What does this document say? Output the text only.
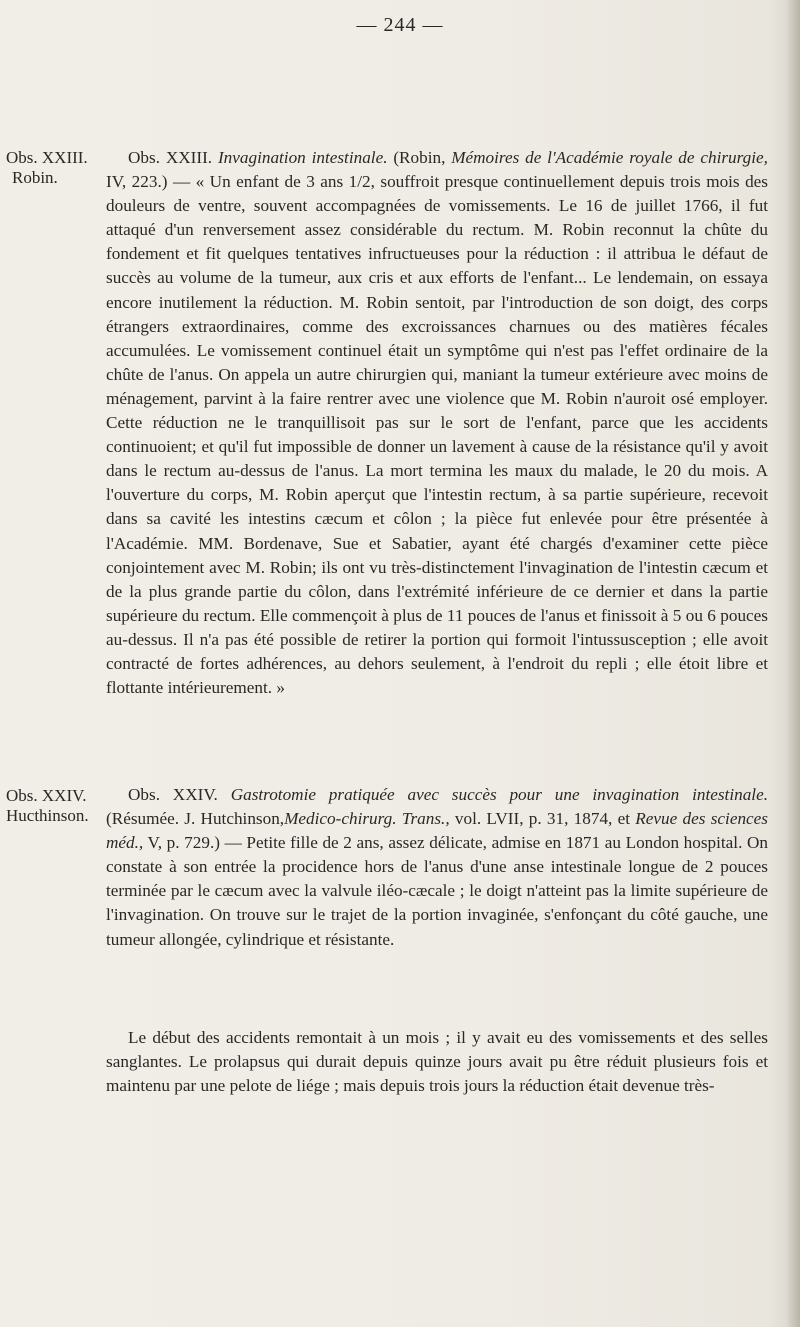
— 244 —
Obs. XXIII.
Robin.

Obs. XXIII. Invagination intestinale. (Robin, Mémoires de l'Académie royale de chirurgie, IV, 223.) — « Un enfant de 3 ans 1/2, souffroit presque continuellement depuis trois mois des douleurs de ventre, souvent accompagnées de vomissements. Le 16 de juillet 1766, il fut attaqué d'un renversement assez considérable du rectum. M. Robin reconnut la chûte du fondement et fit quelques tentatives infructueuses pour la réduction : il attribua le défaut de succès au volume de la tumeur, aux cris et aux efforts de l'enfant... Le lendemain, on essaya encore inutilement la réduction. M. Robin sentoit, par l'introduction de son doigt, des corps étrangers extraordinaires, comme des excroissances charnues ou des matières fécales accumulées. Le vomissement continuel était un symptôme qui n'est pas l'effet ordinaire de la chûte de l'anus. On appela un autre chirurgien qui, maniant la tumeur extérieure avec moins de ménagement, parvint à la faire rentrer avec une violence que M. Robin n'auroit osé employer. Cette réduction ne le tranquillisoit pas sur le sort de l'enfant, parce que les accidents continuoient; et qu'il fut impossible de donner un lavement à cause de la résistance qu'il y avoit dans le rectum au-dessus de l'anus. La mort termina les maux du malade, le 20 du mois. A l'ouverture du corps, M. Robin aperçut que l'intestin rectum, à sa partie supérieure, recevoit dans sa cavité les intestins cæcum et côlon ; la pièce fut enlevée pour être présentée à l'Académie. MM. Bordenave, Sue et Sabatier, ayant été chargés d'examiner cette pièce conjointement avec M. Robin; ils ont vu très-distinctement l'invagination de l'intestin cæcum et de la plus grande partie du côlon, dans l'extrémité inférieure de ce dernier et dans la partie supérieure du rectum. Elle commençoit à plus de 11 pouces de l'anus et finissoit à 5 ou 6 pouces au-dessus. Il n'a pas été possible de retirer la portion qui formoit l'intussusception ; elle avoit contracté de fortes adhérences, au dehors seulement, à l'endroit du repli ; elle étoit libre et flottante intérieurement. »

Obs. XXIV.
Hucthinson.

Obs. XXIV. Gastrotomie pratiquée avec succès pour une invagination intestinale. (Résumée. J. Hutchinson,Medico-chirurg. Trans., vol. LVII, p. 31, 1874, et Revue des sciences méd., V, p. 729.) — Petite fille de 2 ans, assez délicate, admise en 1871 au London hospital. On constate à son entrée la procidence hors de l'anus d'une anse intestinale longue de 2 pouces terminée par le cæcum avec la valvule iléo-cæcale ; le doigt n'atteint pas la limite supérieure de l'invagination. On trouve sur le trajet de la portion invaginée, s'enfonçant du côté gauche, une tumeur allongée, cylindrique et résistante.

Le début des accidents remontait à un mois ; il y avait eu des vomissements et des selles sanglantes. Le prolapsus qui durait depuis quinze jours avait pu être réduit plusieurs fois et maintenu par une pelote de liége ; mais depuis trois jours la réduction était devenue très-
